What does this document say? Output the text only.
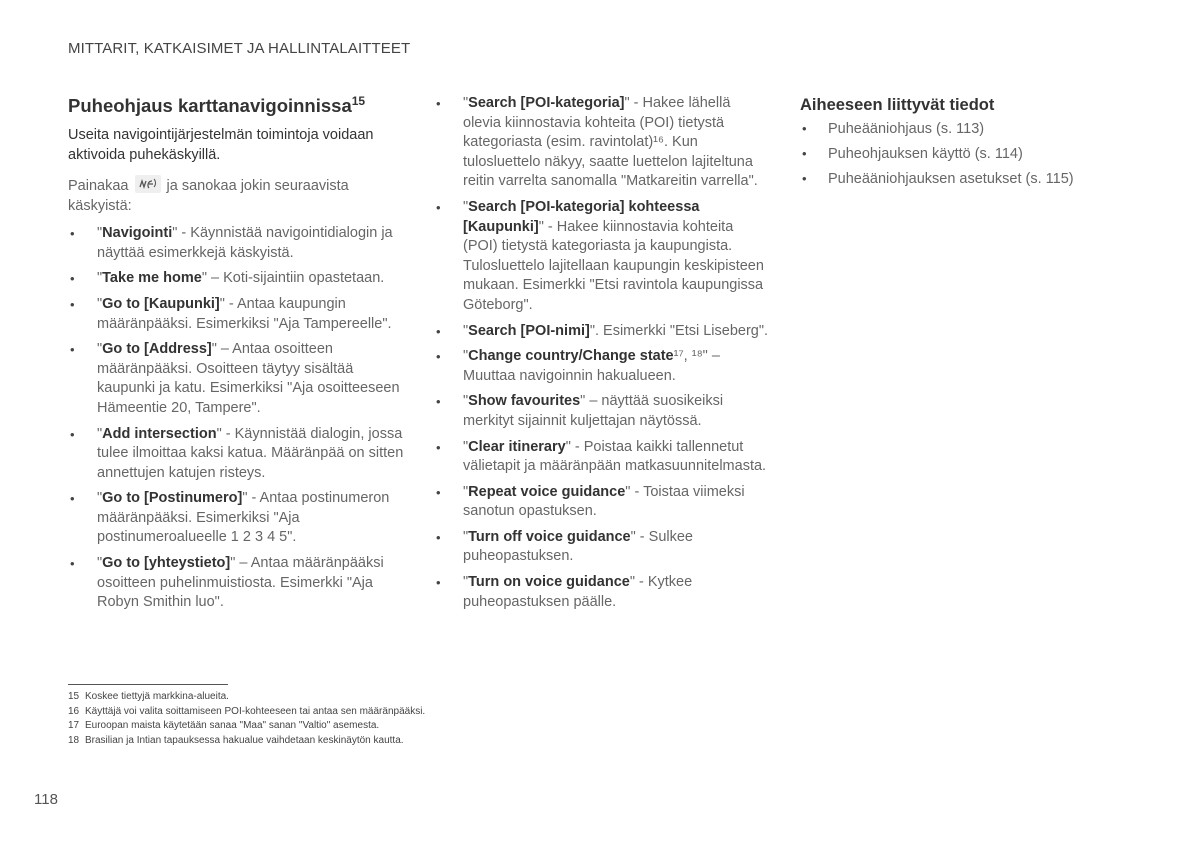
MITTARIT, KATKAISIMET JA HALLINTALAITTEET
Puheohjaus karttanavigoinnissa$^{15}$

Useita navigointijärjestelmän toimintoja voidaan aktivoida puhekäskyillä.

Painakaa	ja sanokaa jokin seuraavista käskyistä:

• "Navigointi" - Käynnistää navigointidialogin ja näyttää esimerkkejä käskyistä.
• "Take me home" – Koti-sijaintiin opastetaan.
• "Go to [Kaupunki]" - Antaa kaupungin määränpääksi. Esimerkiksi "Aja Tampereelle".
• "Go to [Address]" – Antaa osoitteen määränpääksi. Osoitteen täytyy sisältää kaupunki ja katu. Esimerkiksi "Aja osoitteeseen Hämeentie 20, Tampere".
• "Add intersection" - Käynnistää dialogin, jossa tulee ilmoittaa kaksi katua. Määränpää on sitten annettujen katujen risteys.
• "Go to [Postinumero]" - Antaa postinumeron määränpääksi. Esimerkiksi "Aja postinumeroalueelle 1 2 3 4 5".
• "Go to [yhteystieto]" – Antaa määränpääksi osoitteen puhelinmuistiosta. Esimerkki "Aja Robyn Smithin luo".
• "Search [POI-kategoria]" - Hakee lähellä olevia kiinnostavia kohteita (POI) tietystä kategoriasta (esim. ravintolat)¹⁶. Kun tulosluettelo näkyy, saatte luettelon lajiteltuna reitin varrelta sanomalla "Matkareitin varrella".
• "Search [POI-kategoria] kohteessa [Kaupunki]" - Hakee kiinnostavia kohteita (POI) tietystä kategoriasta ja kaupungista. Tulosluettelo lajitellaan kaupungin keskipisteen mukaan. Esimerkki "Etsi ravintola kaupungissa Göteborg".
• "Search [POI-nimi]". Esimerkki "Etsi Liseberg".
• "Change country/Change state¹⁷, ¹⁸" – Muuttaa navigoinnin hakualueen.
• "Show favourites" – näyttää suosikeiksi merkityt sijainnit kuljettajan näytössä.
• "Clear itinerary" - Poistaa kaikki tallennetut välietapit ja määränpään matkasuunnitelmasta.
• "Repeat voice guidance" - Toistaa viimeksi sanotun opastuksen.
• "Turn off voice guidance" - Sulkee puheopastuksen.
• "Turn on voice guidance" - Kytkee puheopastuksen päälle.
Aiheeseen liittyvät tiedot
• Puheääniohjaus (s. 113)
• Puheohjauksen käyttö (s. 114)
• Puheääniohjauksen asetukset (s. 115)
15 Koskee tiettyjä markkina-alueita.
16 Käyttäjä voi valita soittamiseen POI-kohteeseen tai antaa sen määränpääksi.
17 Euroopan maista käytetään sanaa "Maa" sanan "Valtio" asemesta.
18 Brasilian ja Intian tapauksessa hakualue vaihdetaan keskinäytön kautta.
118
